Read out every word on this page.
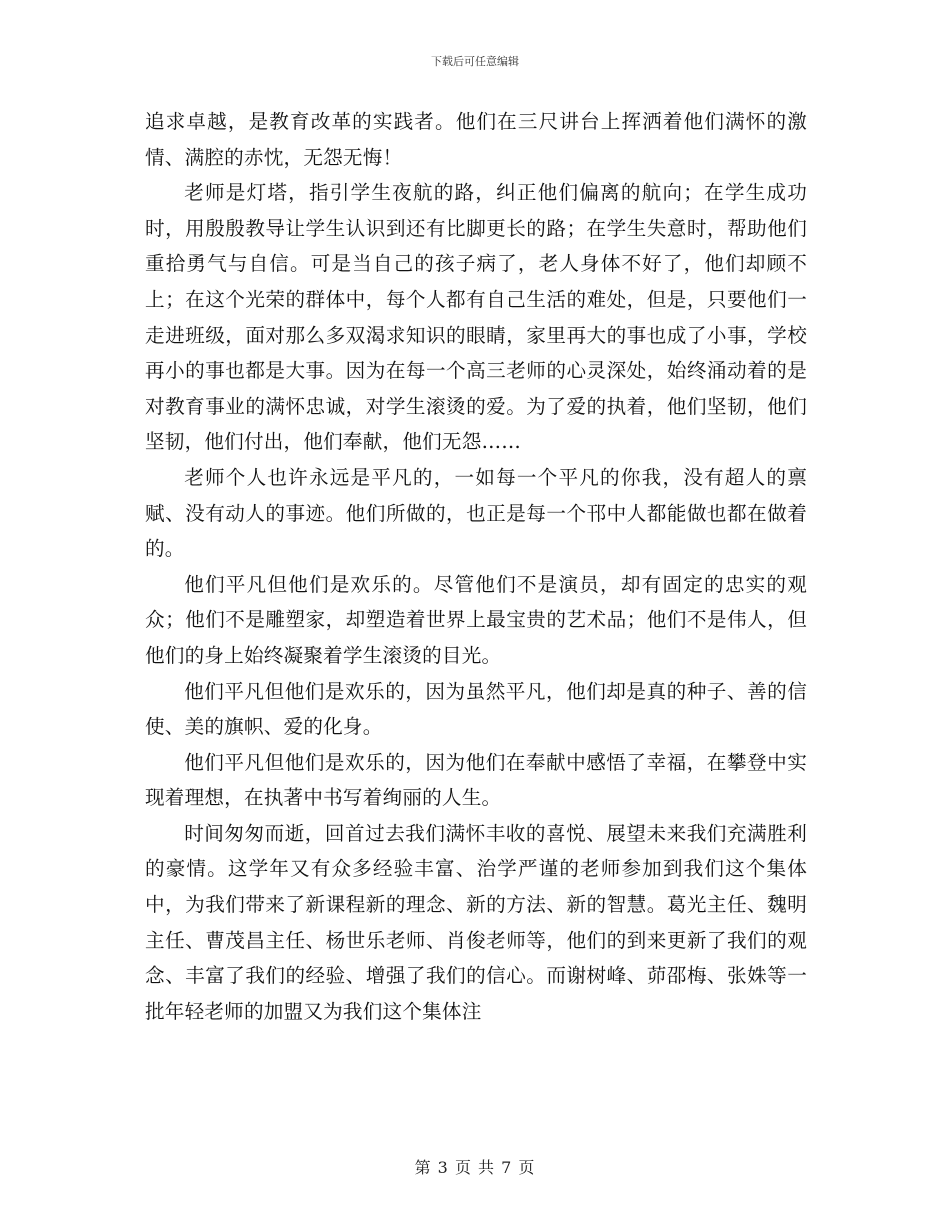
下载后可任意编辑

追求卓越，是教育改革的实践者。他们在三尺讲台上挥洒着他们满怀的激情、满腔的赤忱，无怨无悔！

老师是灯塔，指引学生夜航的路，纠正他们偏离的航向；在学生成功时，用殷殷教导让学生认识到还有比脚更长的路；在学生失意时，帮助他们重拾勇气与自信。可是当自己的孩子病了，老人身体不好了，他们却顾不上；在这个光荣的群体中，每个人都有自己生活的难处，但是，只要他们一走进班级，面对那么多双渴求知识的眼睛，家里再大的事也成了小事，学校再小的事也都是大事。因为在每一个高三老师的心灵深处，始终涌动着的是对教育事业的满怀忠诚，对学生滚烫的爱。为了爱的执着，他们坚韧，他们坚韧，他们付出，他们奉献，他们无怨……

老师个人也许永远是平凡的，一如每一个平凡的你我，没有超人的禀赋、没有动人的事迹。他们所做的，也正是每一个邗中人都能做也都在做着的。

他们平凡但他们是欢乐的。尽管他们不是演员，却有固定的忠实的观众；他们不是雕塑家，却塑造着世界上最宝贵的艺术品；他们不是伟人，但他们的身上始终凝聚着学生滚烫的目光。

他们平凡但他们是欢乐的，因为虽然平凡，他们却是真的种子、善的信使、美的旗帜、爱的化身。

他们平凡但他们是欢乐的，因为他们在奉献中感悟了幸福，在攀登中实现着理想，在执著中书写着绚丽的人生。

时间匆匆而逝，回首过去我们满怀丰收的喜悦、展望未来我们充满胜利的豪情。这学年又有众多经验丰富、治学严谨的老师参加到我们这个集体中，为我们带来了新课程新的理念、新的方法、新的智慧。葛光主任、魏明主任、曹茂昌主任、杨世乐老师、肖俊老师等，他们的到来更新了我们的观念、丰富了我们的经验、增强了我们的信心。而谢树峰、茆邵梅、张姝等一批年轻老师的加盟又为我们这个集体注

第 3 页 共 7 页
